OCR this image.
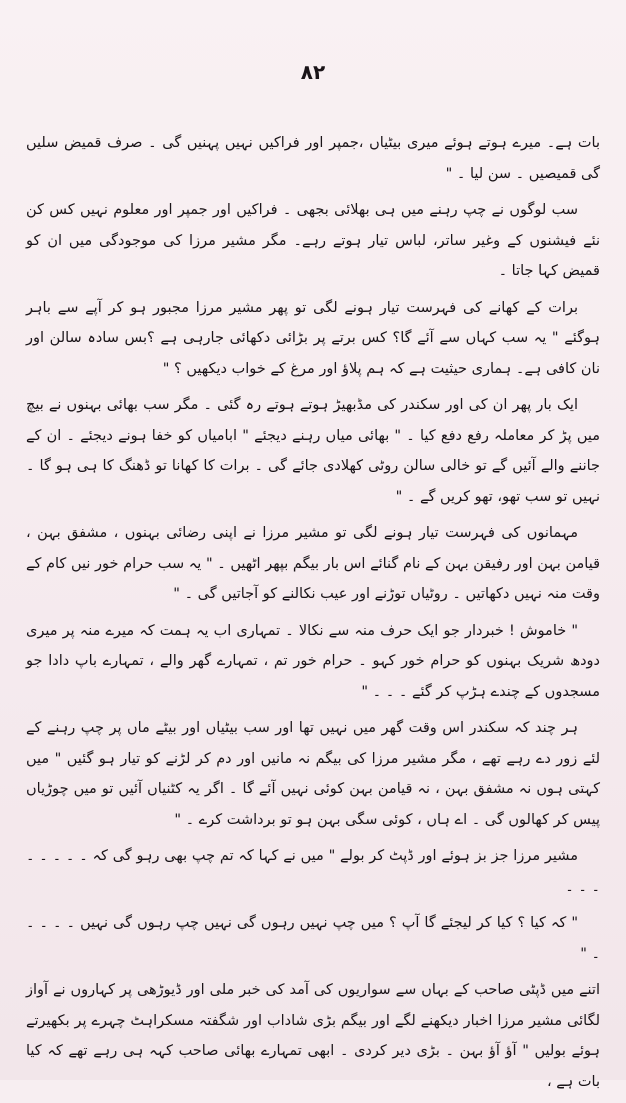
۸۲

بات ہے۔ میرے ہوتے ہوئے میری بیٹیاں ،جمپر اور فراکیں نہیں پہنیں گی ۔ صرف قمیض سلیں گی قمیصیں ۔ سن لیا ۔ "

سب لوگوں نے چپ رہنے میں ہی بھلائی بجھی ۔ فراکیں اور جمپر اور معلوم نہیں کس کن نئے فیشنوں کے وغیر ساتر، لباس تیار ہوتے رہے۔ مگر مشیر مرزا کی موجودگی میں ان کو قمیض کہا جاتا ۔

برات کے کھانے کی فہرست تیار ہونے لگی تو پھر مشیر مرزا مجبور ہو کر آپے سے باہر ہوگئے " یہ سب کہاں سے آئے گا؟ کس برتے پر بڑائی دکھائی جارہی ہے ؟بس سادہ سالن اور نان کافی ہے۔ ہماری حیثیت ہے کہ ہم پلاؤ اور مرغ کے خواب دیکھیں ؟ "

ایک بار پھر ان کی اور سکندر کی مڈبھیڑ ہوتے ہوتے رہ گئی ۔ مگر سب بھائی بہنوں نے بیچ میں پڑ کر معاملہ رفع دفع کیا ۔ " بھائی میاں رہنے دیجئے " ابامیاں کو خفا ہونے دیجئے ۔ ان کے جاننے والے آئیں گے تو خالی سالن روٹی کھلادی جائے گی ۔ برات کا کھانا تو ڈھنگ کا ہی ہو گا ۔ نہیں تو سب تھو، تھو کریں گے ۔ "

مہمانوں کی فہرست تیار ہونے لگی تو مشیر مرزا نے اپنی رضائی بہنوں ، مشفق بہن ، قیامن بہن اور رفیقن بہن کے نام گنائے اس بار بیگم بپھر اٹھیں ۔ " یہ سب حرام خور نیں کام کے وقت منہ نہیں دکھاتیں ۔ روٹیاں توڑنے اور عیب نکالنے کو آجاتیں گی ۔ "

" خاموش ! خبردار جو ایک حرف منہ سے نکالا ۔ تمہاری اب یہ ہمت کہ میرے منہ پر میری دودھ شریک بہنوں کو حرام خور کہو ۔ حرام خور تم ، تمہارے گھر والے ، تمہارے باپ دادا جو مسجدوں کے چندے ہڑپ کر گئے ۔ ۔ ۔ "

ہر چند کہ سکندر اس وقت گھر میں نہیں تھا اور سب بیٹیاں اور بیٹے ماں پر چپ رہنے کے لئے زور دے رہے تھے ، مگر مشیر مرزا کی بیگم نہ مانیں اور دم کر لڑنے کو تیار ہو گئیں " میں کہتی ہوں نہ مشفق بہن ، نہ قیامن بہن کوئی نہیں آئے گا ۔ اگر یہ کٹنیاں آئیں تو میں چوڑیاں پیس کر کھالوں گی ۔ اے ہاں ، کوئی سگی بہن ہو تو برداشت کرے ۔ "

مشیر مرزا جز بز ہوئے اور ڈپٹ کر بولے " میں نے کہا کہ تم چپ بھی رہو گی کہ ۔ ۔ ۔ ۔ ۔ ۔ ۔ ۔

" کہ کیا ؟ کیا کر لیجئے گا آپ ؟ میں چپ نہیں رہوں گی نہیں چپ رہوں گی نہیں ۔ ۔ ۔ ۔ ۔ "

اتنے میں ڈپٹی صاحب کے بہاں سے سواریوں کی آمد کی خبر ملی اور ڈیوڑھی پر کہاروں نے آواز لگائی مشیر مرزا اخبار دیکھنے لگے اور بیگم بڑی شاداب اور شگفتہ مسکراہٹ چہرے پر بکھیرتے ہوئے بولیں " آؤ آؤ بہن ۔ بڑی دیر کردی ۔ ابھی تمہارے بھائی صاحب کہہ ہی رہے تھے کہ کیا بات ہے ،
